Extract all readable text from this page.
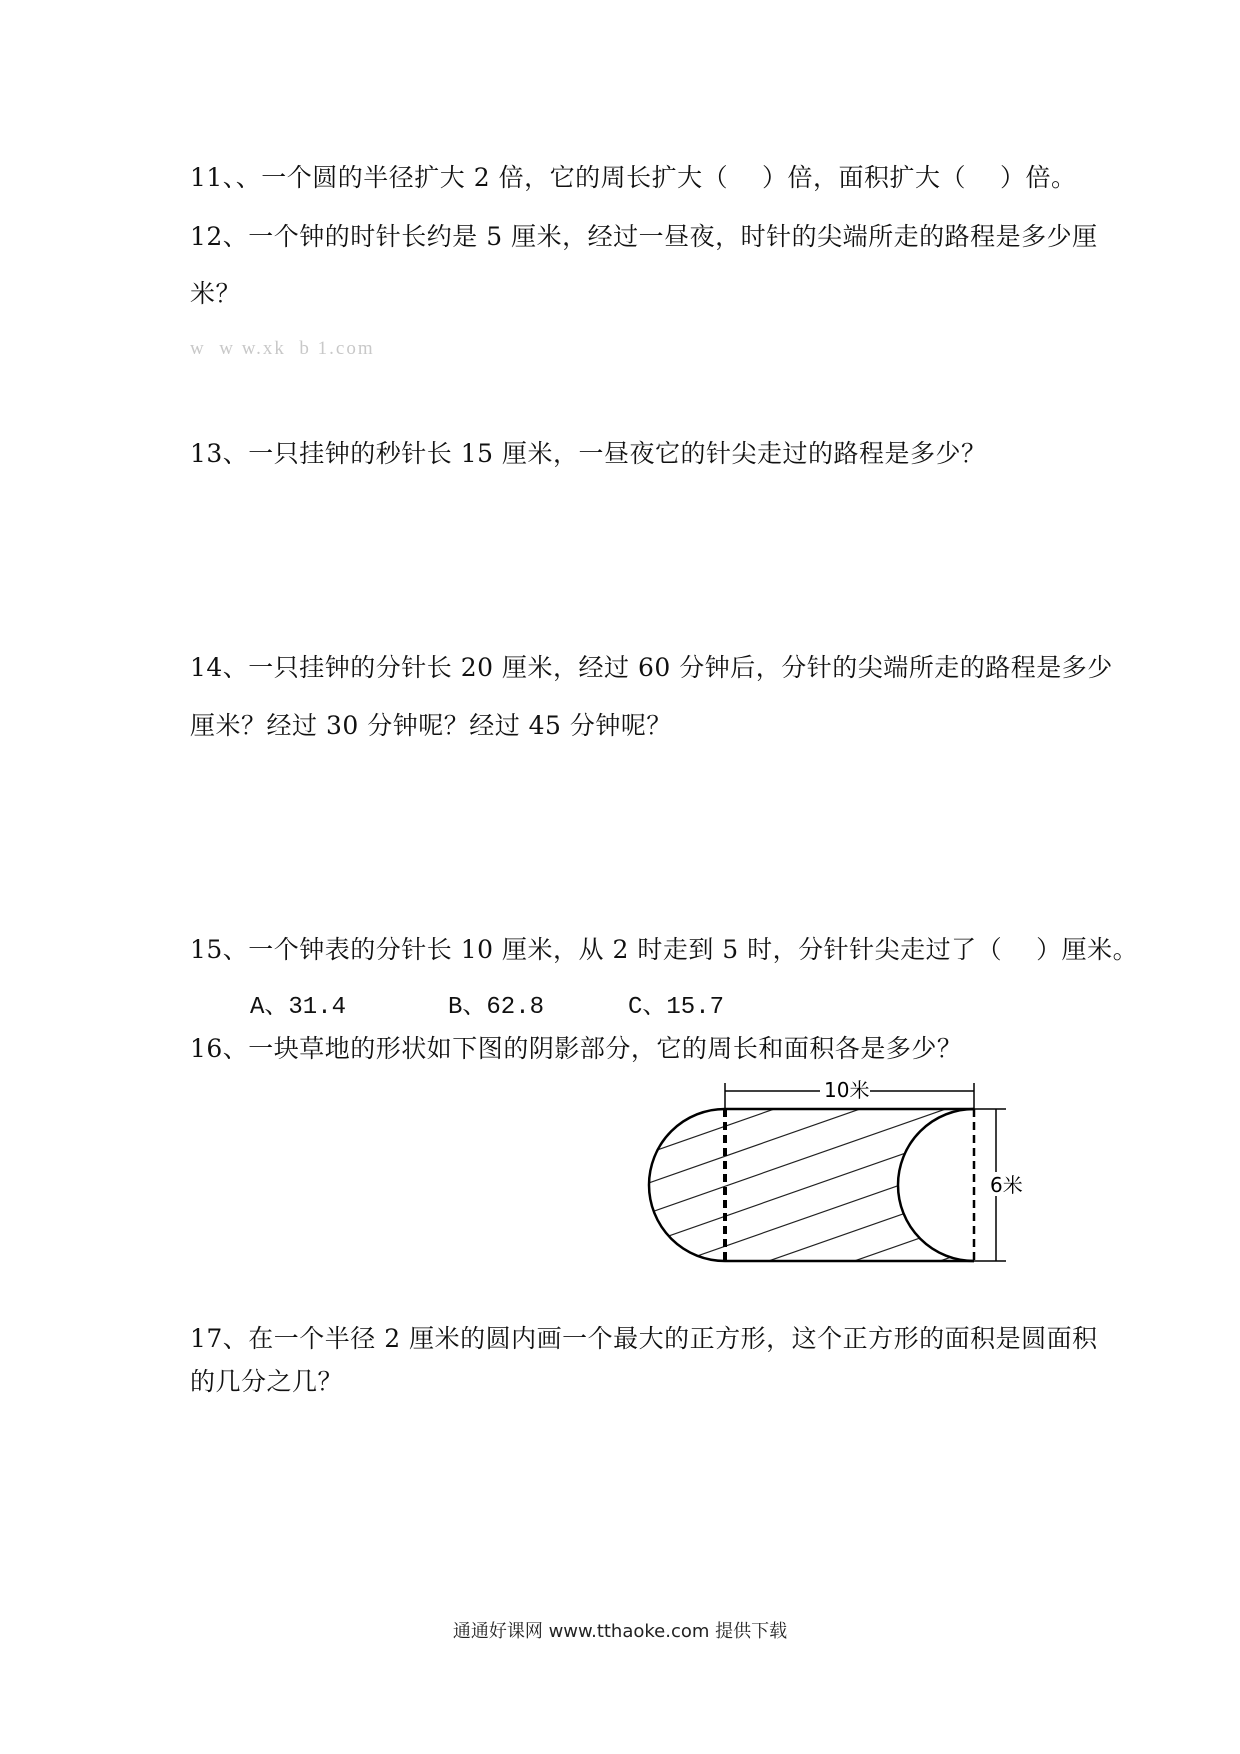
11、、一个圆的半径扩大 2 倍，它的周长扩大（　 ）倍，面积扩大（　 ）倍。
12、一个钟的时针长约是 5 厘米，经过一昼夜，时针的尖端所走的路程是多少厘
米？
w  w w.xk  b 1.com
13、一只挂钟的秒针长 15 厘米，一昼夜它的针尖走过的路程是多少？
14、一只挂钟的分针长 20 厘米，经过 60 分钟后，分针的尖端所走的路程是多少
厘米？经过 30 分钟呢？经过 45 分钟呢？
15、一个钟表的分针长 10 厘米，从 2 时走到 5 时，分针针尖走过了（　 ）厘米。
A、31.4	B、62.8	C、15.7
16、一块草地的形状如下图的阴影部分，它的周长和面积各是多少？
10米
6米
17、在一个半径 2 厘米的圆内画一个最大的正方形，这个正方形的面积是圆面积
的几分之几？
通通好课网 www.tthaoke.com 提供下载
